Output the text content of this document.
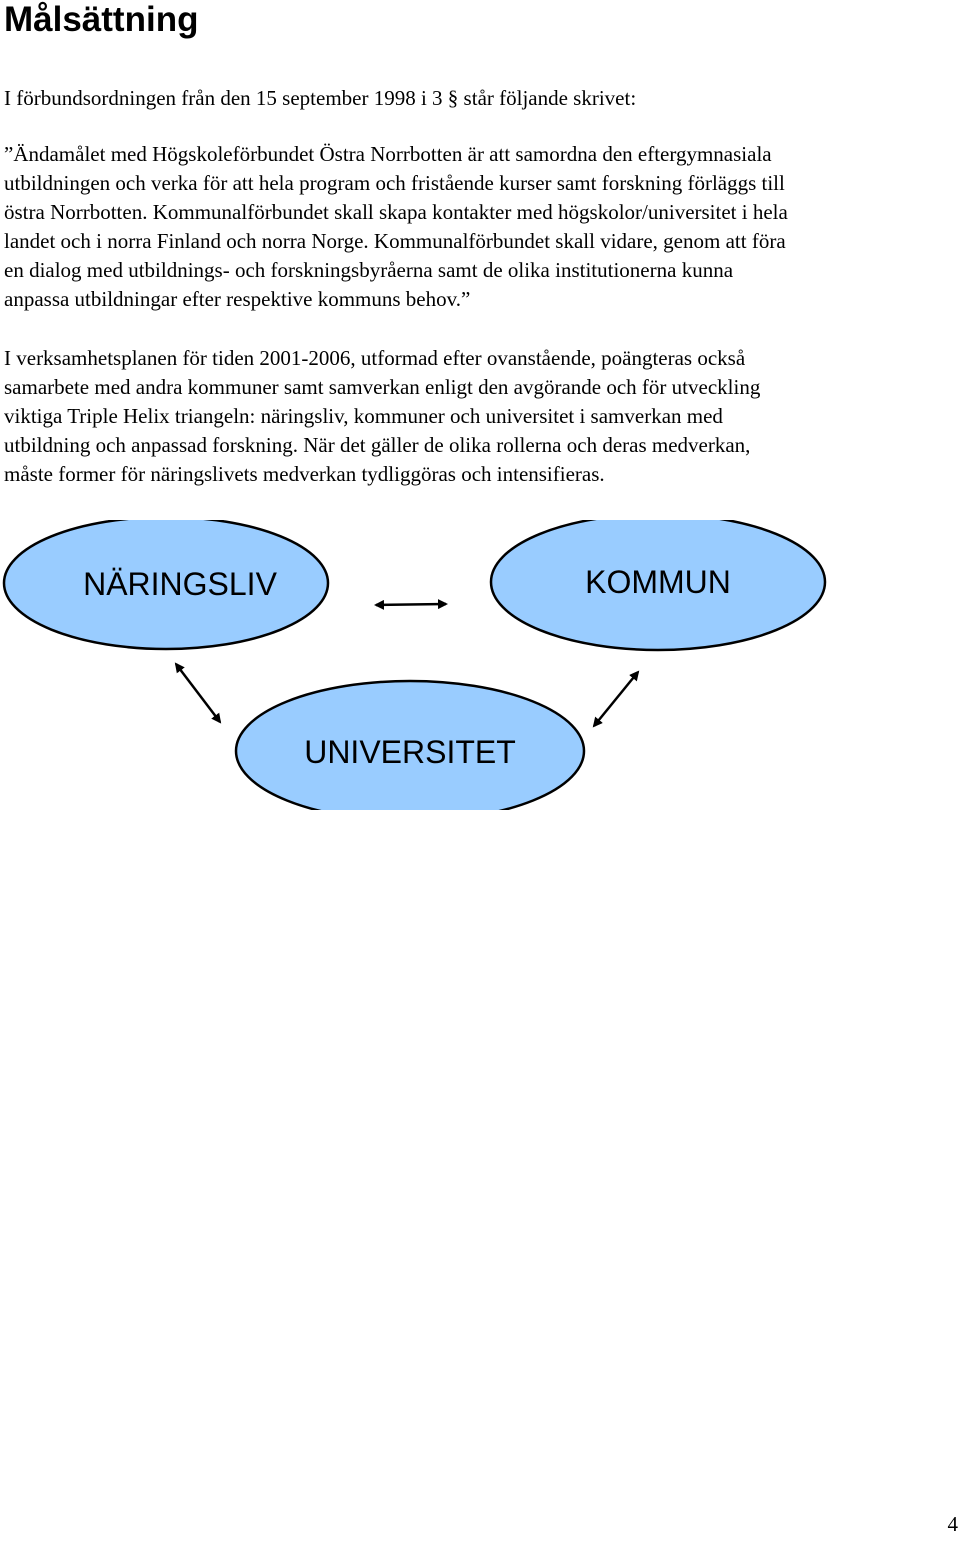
Målsättning

I förbundsordningen från den 15 september 1998 i 3 § står följande skrivet:

”Ändamålet med Högskoleförbundet Östra Norrbotten är att samordna den eftergymnasiala
utbildningen och verka för att hela program och fristående kurser samt forskning förläggs till
östra Norrbotten. Kommunalförbundet skall skapa kontakter med högskolor/universitet i hela
landet och i norra Finland och norra Norge. Kommunalförbundet skall vidare, genom att föra
en dialog med utbildnings- och forskningsbyråerna samt de olika institutionerna kunna
anpassa utbildningar efter respektive kommuns behov.”

I verksamhetsplanen för tiden 2001-2006, utformad efter ovanstående, poängteras också
samarbete med andra kommuner samt samverkan enligt den avgörande och för utveckling
viktiga Triple Helix triangeln: näringsliv, kommuner och universitet i samverkan med
utbildning och anpassad forskning. När det gäller de olika rollerna och deras medverkan,
måste former för näringslivets medverkan tydliggöras och intensifieras.

NÄRINGSLIV	KOMMUN
UNIVERSITET

4
